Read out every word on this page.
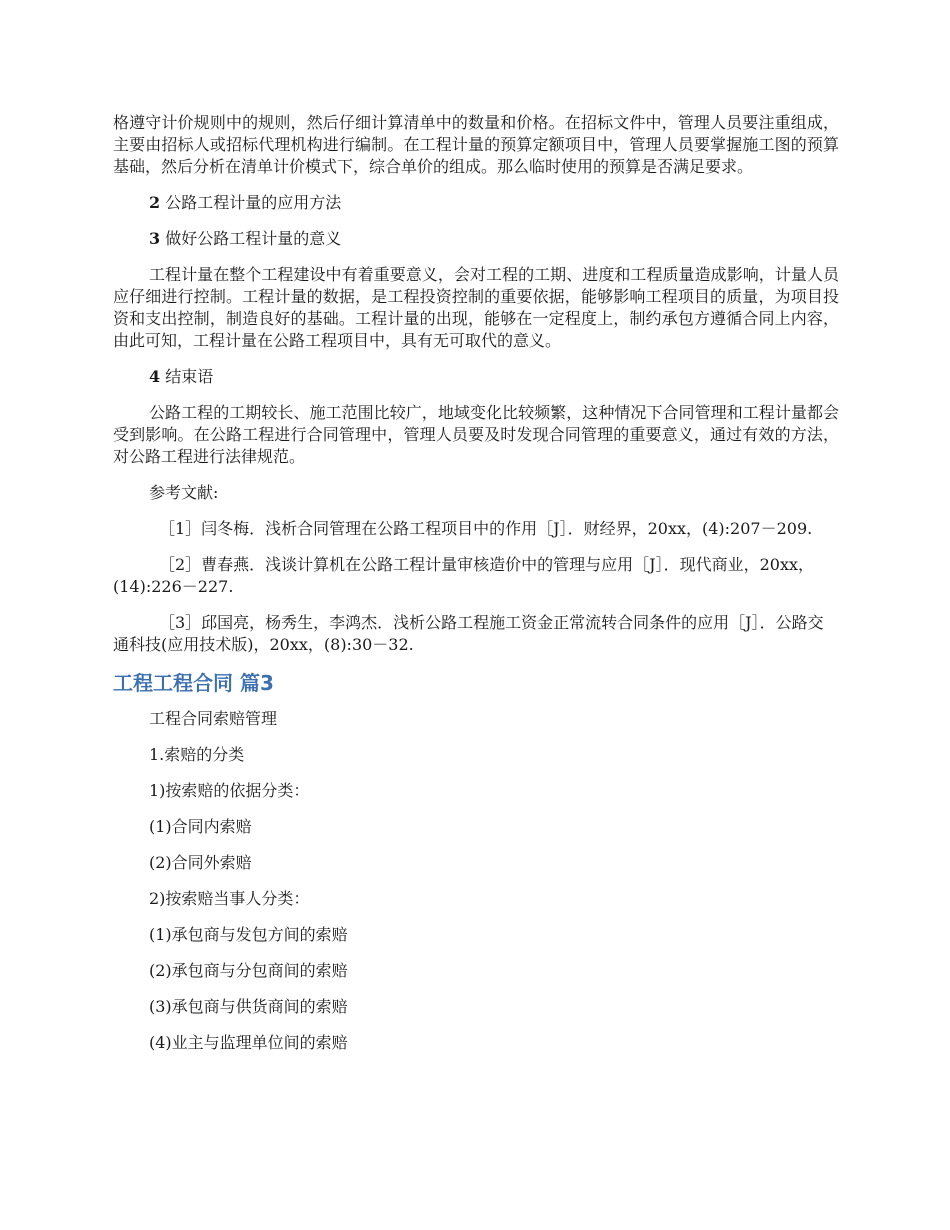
格遵守计价规则中的规则，然后仔细计算清单中的数量和价格。在招标文件中，管理人员要注重组成，主要由招标人或招标代理机构进行编制。在工程计量的预算定额项目中，管理人员要掌握施工图的预算基础，然后分析在清单计价模式下，综合单价的组成。那么临时使用的预算是否满足要求。

2 公路工程计量的应用方法

3 做好公路工程计量的意义

工程计量在整个工程建设中有着重要意义，会对工程的工期、进度和工程质量造成影响，计量人员应仔细进行控制。工程计量的数据，是工程投资控制的重要依据，能够影响工程项目的质量，为项目投资和支出控制，制造良好的基础。工程计量的出现，能够在一定程度上，制约承包方遵循合同上内容，由此可知，工程计量在公路工程项目中，具有无可取代的意义。

4 结束语

公路工程的工期较长、施工范围比较广，地域变化比较频繁，这种情况下合同管理和工程计量都会受到影响。在公路工程进行合同管理中，管理人员要及时发现合同管理的重要意义，通过有效的方法，对公路工程进行法律规范。

参考文献:

［1］闫冬梅．浅析合同管理在公路工程项目中的作用［J］．财经界，20xx，(4):207－209.

［2］曹春燕．浅谈计算机在公路工程计量审核造价中的管理与应用［J］．现代商业，20xx，(14):226－227.

［3］邱国亮，杨秀生，李鸿杰．浅析公路工程施工资金正常流转合同条件的应用［J］．公路交通科技(应用技术版)，20xx，(8):30－32.

工程工程合同 篇3

工程合同索赔管理

1.索赔的分类

1)按索赔的依据分类：

(1)合同内索赔

(2)合同外索赔

2)按索赔当事人分类：

(1)承包商与发包方间的索赔

(2)承包商与分包商间的索赔

(3)承包商与供货商间的索赔

(4)业主与监理单位间的索赔
